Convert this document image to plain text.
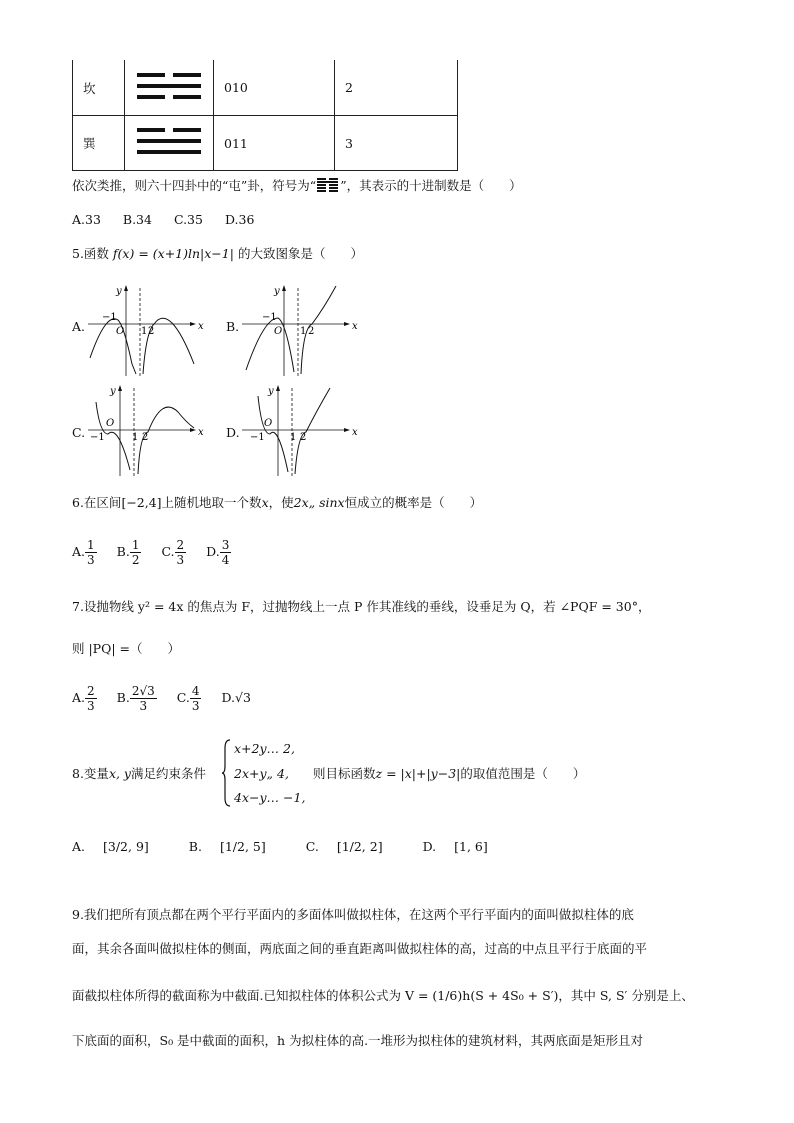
坎		010	2
巽		011	3
依次类推，则六十四卦中的“屯”卦，符号为“ ”，其表示的十进制数是（　　）
A.33 B.34 C.35 D.36
5.函数 f(x) = (x+1)ln|x−1| 的大致图象是（　　）
A.
y
x
O
−1
1 2	B.
y
x
O
−1
1 2
C.
y
x
O
−1	1 2	D.
y
x
O
−1	1 2
6.在区间[−2,4]上随机地取一个数x，使2x„ sinx恒成立的概率是（　　）
A. $\frac{1}{3} B$. $\frac{1}{2} C$. $\frac{2}{3} D$. $\frac{3}{4}$
7.设抛物线 y² = 4x 的焦点为 F，过抛物线上一点 P 作其准线的垂线，设垂足为 Q，若 ∠PQF = 30°，
则 |PQ| =（　　）
A. $\frac{2}{3} B$. $\frac{2√3}{3} C$. $\frac{4}{3} D.√3$
8.变量x, y满足约束条件
x+2y… 2,
2x+y„ 4,
4x−y… −1,
则目标函数z = |x|+|y−3|的取值范围是（　　）
A. [3/2, 9]	B. [1/2, 5]	C. [1/2, 2]	D. [1, 6]
9.我们把所有顶点都在两个平行平面内的多面体叫做拟柱体，在这两个平行平面内的面叫做拟柱体的底
面，其余各面叫做拟柱体的侧面，两底面之间的垂直距离叫做拟柱体的高，过高的中点且平行于底面的平
面截拟柱体所得的截面称为中截面.已知拟柱体的体积公式为 V = (1/6)h(S + 4S₀ + S′)，其中 S, S′ 分别是上、
下底面的面积，S₀ 是中截面的面积，h 为拟柱体的高.一堆形为拟柱体的建筑材料，其两底面是矩形且对
